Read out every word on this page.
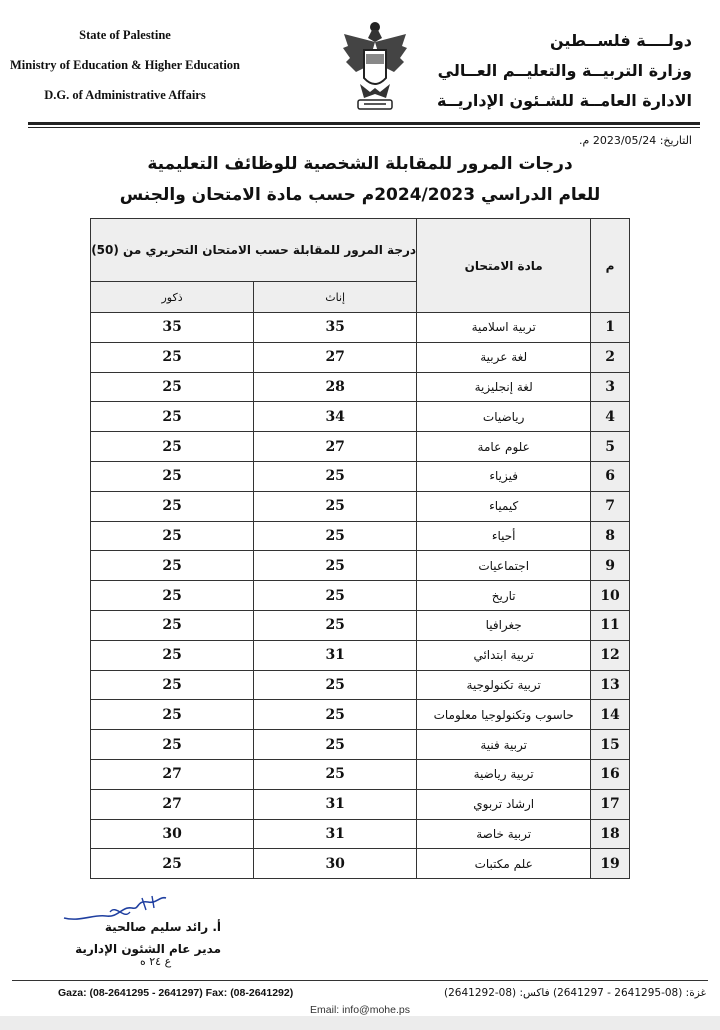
State of Palestine
Ministry of Education & Higher Education
D.G. of Administrative Affairs
دولــــة فلســطين
وزارة التربيــة والتعليــم العــالي
الادارة العامــة للشـئون الإداريــة
التاريخ: 2023/05/24 م.
درجات المرور للمقابلة الشخصية للوظائف التعليمية
للعام الدراسي 2024/2023م حسب مادة الامتحان والجنس
م	مادة الامتحان	درجة المرور للمقابلة حسب الامتحان التحريري من (50)	
		إناث	ذكور
1	تربية اسلامية	35	35
2	لغة عربية	27	25
3	لغة إنجليزية	28	25
4	رياضيات	34	25
5	علوم عامة	27	25
6	فيزياء	25	25
7	كيمياء	25	25
8	أحياء	25	25
9	اجتماعيات	25	25
10	تاريخ	25	25
11	جغرافيا	25	25
12	تربية ابتدائي	31	25
13	تربية تكنولوجية	25	25
14	حاسوب وتكنولوجيا معلومات	25	25
15	تربية فنية	25	25
16	تربية رياضية	25	27
17	ارشاد تربوي	31	27
18	تربية خاصة	31	30
19	علم مكتبات	30	25
أ. رائد سليم صالحية
مدير عام الشئون الإدارية
ع ٢٤ ه
Gaza: (08-2641295 - 2641297) Fax: (08-2641292)	غزة: (08-2641295 - 2641297) فاكس: (08-2641292)
Email: info@mohe.ps
